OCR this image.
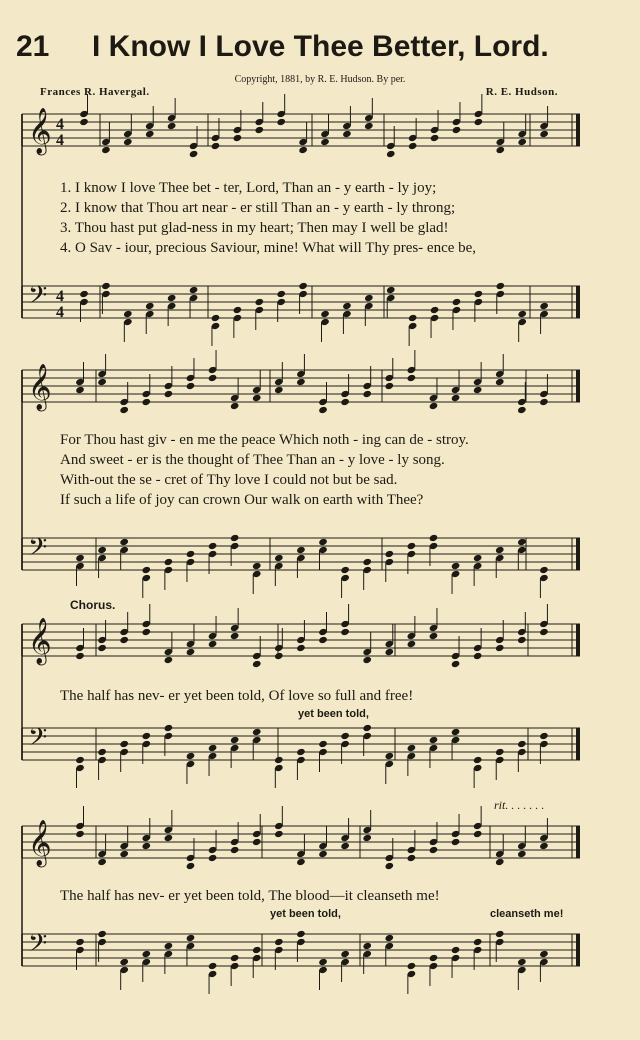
21 I Know I Love Thee Better, Lord.
Copyright, 1881, by R. E. Hudson. By per.
Frances R. Havergal.	R. E. Hudson.
𝄞 4
4
𝄢 4
4
𝄞
𝄢
𝄞
𝄢
𝄞
𝄢
1. I know I love Thee bet - ter, Lord, Than an - y earth - ly joy;
2. I know that Thou art near - er still Than an - y earth - ly throng;
3. Thou hast put glad-ness in my heart; Then may I well be glad!
4. O Sav - iour, precious Saviour, mine! What will Thy pres- ence be,
For Thou hast giv - en me the peace Which noth - ing can de - stroy.
And sweet - er is the thought of Thee Than an - y love - ly song.
With-out the se - cret of Thy love I could not but be sad.
If such a life of joy can crown Our walk on earth with Thee?
Chorus.
The half has nev- er yet been told, Of love so full and free!
yet been told,
rit. . . . . . .
The half has nev- er yet been told, The blood—it cleanseth me!
yet been told,	cleanseth me!
